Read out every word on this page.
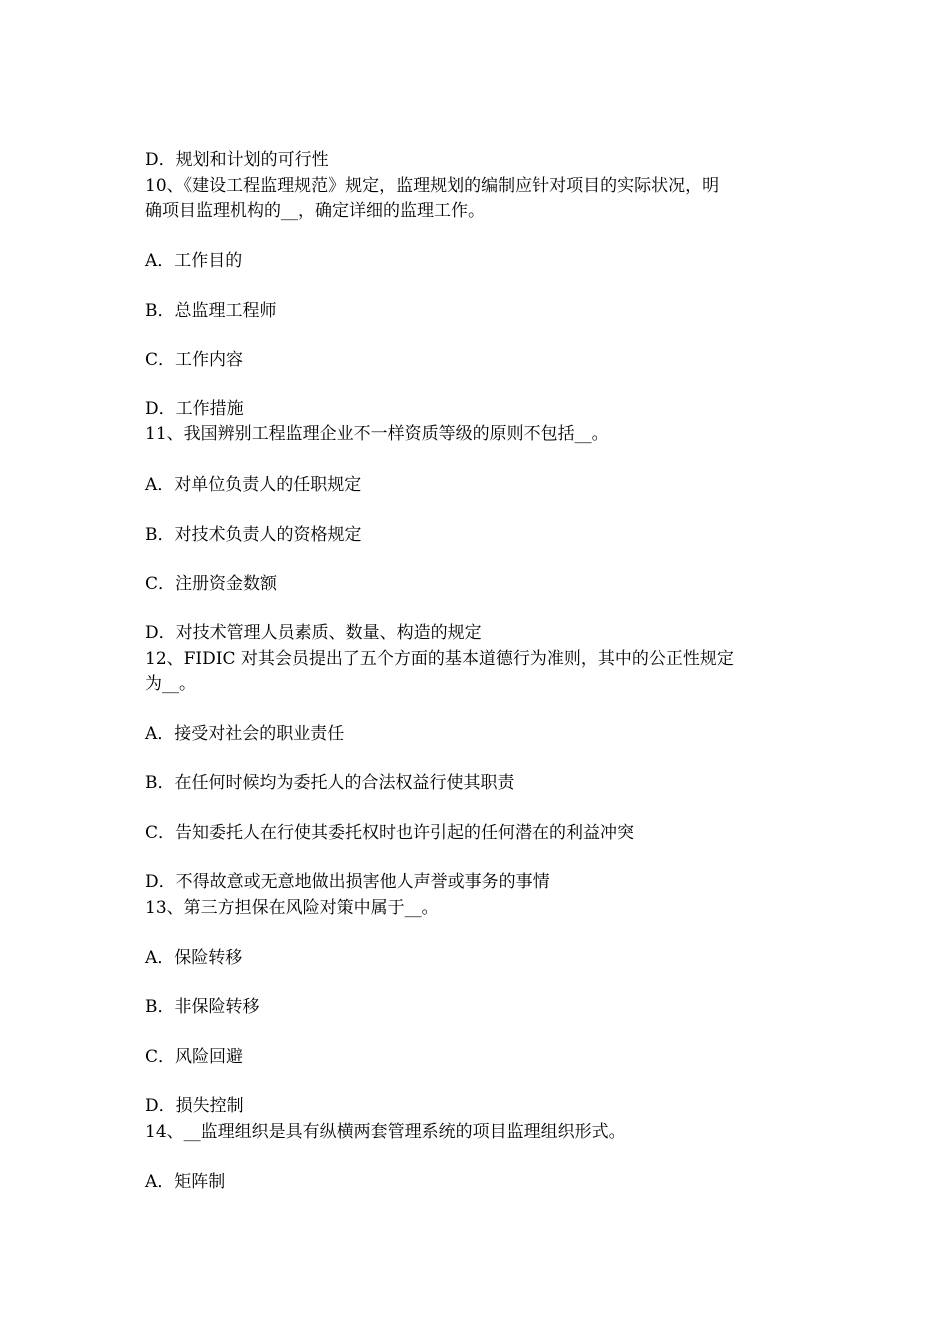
D．规划和计划的可行性
10、《建设工程监理规范》规定，监理规划的编制应针对项目的实际状况，明
确项目监理机构的__，确定详细的监理工作。
A．工作目的
B．总监理工程师
C．工作内容
D．工作措施
11、我国辨别工程监理企业不一样资质等级的原则不包括__。
A．对单位负责人的任职规定
B．对技术负责人的资格规定
C．注册资金数额
D．对技术管理人员素质、数量、构造的规定
12、FIDIC 对其会员提出了五个方面的基本道德行为准则，其中的公正性规定
为__。
A．接受对社会的职业责任
B．在任何时候均为委托人的合法权益行使其职责
C．告知委托人在行使其委托权时也许引起的任何潜在的利益冲突
D．不得故意或无意地做出损害他人声誉或事务的事情
13、第三方担保在风险对策中属于__。
A．保险转移
B．非保险转移
C．风险回避
D．损失控制
14、__监理组织是具有纵横两套管理系统的项目监理组织形式。
A．矩阵制
